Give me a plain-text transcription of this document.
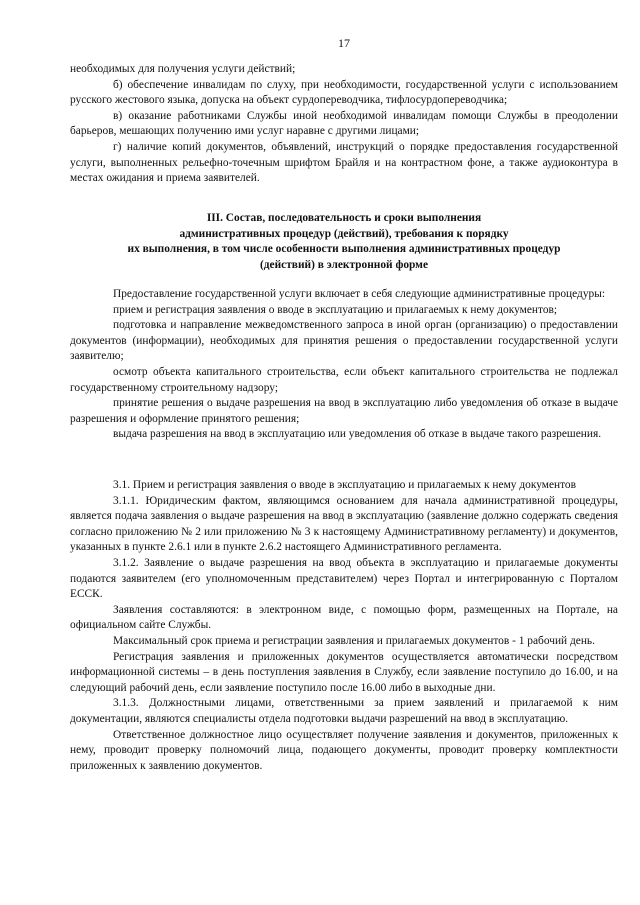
17

необходимых для получения услуги действий;

б) обеспечение инвалидам по слуху, при необходимости, государственной услуги с использованием русского жестового языка, допуска на объект сурдопереводчика, тифлосурдопереводчика;

в) оказание работниками Службы иной необходимой инвалидам помощи Службы в преодолении барьеров, мешающих получению ими услуг наравне с другими лицами;

г) наличие копий документов, объявлений, инструкций о порядке предоставления государственной услуги, выполненных рельефно-точечным шрифтом Брайля и на контрастном фоне, а также аудиоконтура в местах ожидания и приема заявителей.

III. Состав, последовательность и сроки выполнения

административных процедур (действий), требования к порядку

их выполнения, в том числе особенности выполнения административных процедур

(действий) в электронной форме

Предоставление государственной услуги включает в себя следующие административные процедуры:

прием и регистрация заявления о вводе в эксплуатацию и прилагаемых к нему документов;

подготовка и направление межведомственного запроса в иной орган (организацию) о предоставлении документов (информации), необходимых для принятия решения о предоставлении государственной услуги заявителю;

осмотр объекта капитального строительства, если объект капитального строительства не подлежал государственному строительному надзору;

принятие решения о выдаче разрешения на ввод в эксплуатацию либо уведомления об отказе в выдаче разрешения и оформление принятого решения;

выдача разрешения на ввод в эксплуатацию или уведомления об отказе в выдаче такого разрешения.

3.1. Прием и регистрация заявления о вводе в эксплуатацию и прилагаемых к нему документов

3.1.1. Юридическим фактом, являющимся основанием для начала административной процедуры, является подача заявления о выдаче разрешения на ввод в эксплуатацию (заявление должно содержать сведения согласно приложению № 2 или приложению № 3 к настоящему Административному регламенту) и документов, указанных в пункте 2.6.1 или в пункте 2.6.2 настоящего Административного регламента.

3.1.2. Заявление о выдаче разрешения на ввод объекта в эксплуатацию и прилагаемые документы подаются заявителем (его уполномоченным представителем) через Портал и интегрированную с Порталом ЕССК.

Заявления составляются: в электронном виде, с помощью форм, размещенных на Портале, на официальном сайте Службы.

Максимальный срок приема и регистрации заявления и прилагаемых документов - 1 рабочий день.

Регистрация заявления и приложенных документов осуществляется автоматически посредством информационной системы – в день поступления заявления в Службу, если заявление поступило до 16.00, и на следующий рабочий день, если заявление поступило после 16.00 либо в выходные дни.

3.1.3. Должностными лицами, ответственными за прием заявлений и прилагаемой к ним документации, являются специалисты отдела подготовки выдачи разрешений на ввод в эксплуатацию.

Ответственное должностное лицо осуществляет получение заявления и документов, приложенных к нему, проводит проверку полномочий лица, подающего документы, проводит проверку комплектности приложенных к заявлению документов.
